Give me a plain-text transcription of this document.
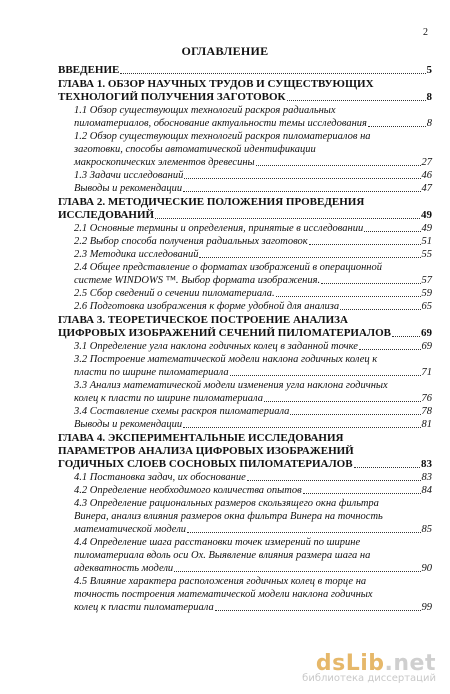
2
ОГЛАВЛЕНИЕ
ВВЕДЕНИЕ	5
ГЛАВА 1. ОБЗОР НАУЧНЫХ ТРУДОВ И СУЩЕСТВУЮЩИХ
ТЕХНОЛОГИЙ ПОЛУЧЕНИЯ ЗАГОТОВОК	8
1.1 Обзор существующих технологий раскроя радиальных
пиломатериалов, обоснование актуальности темы исследования	8
1.2 Обзор существующих технологий раскроя пиломатериалов на
заготовки, способы автоматической идентификации
макроскопических элементов древесины	27
1.3 Задачи исследований	46
Выводы и рекомендации	47
ГЛАВА 2. МЕТОДИЧЕСКИЕ ПОЛОЖЕНИЯ ПРОВЕДЕНИЯ
ИССЛЕДОВАНИЙ	49
2.1 Основные термины и определения, принятые в исследовании	49
2.2 Выбор способа получения радиальных заготовок	51
2.3 Методика исследований	55
2.4 Общее представление о форматах изображений в операционной
системе WINDOWS ™. Выбор формата изображения.	57
2.5 Сбор сведений о сечении пиломатериала.	59
2.6 Подготовка изображения к форме удобной для анализа	65
ГЛАВА 3. ТЕОРЕТИЧЕСКОЕ ПОСТРОЕНИЕ АНАЛИЗА
ЦИФРОВЫХ ИЗОБРАЖЕНИЙ СЕЧЕНИЙ ПИЛОМАТЕРИАЛОВ	69
3.1 Определение угла наклона годичных колец в заданной точке	69
3.2 Построение математической модели наклона годичных колец к
пласти по ширине пиломатериала	71
3.3 Анализ математической модели изменения угла наклона годичных
колец к пласти по ширине пиломатериала	76
3.4 Составление схемы раскроя пиломатериала	78
Выводы и рекомендации	81
ГЛАВА 4. ЭКСПЕРИМЕНТАЛЬНЫЕ ИССЛЕДОВАНИЯ
ПАРАМЕТРОВ АНАЛИЗА ЦИФРОВЫХ ИЗОБРАЖЕНИЙ
ГОДИЧНЫХ СЛОЕВ СОСНОВЫХ ПИЛОМАТЕРИАЛОВ	83
4.1 Постановка задач, их обоснование	83
4.2 Определение необходимого количества опытов	84
4.3 Определение рациональных размеров скользящего окна фильтра
Винера, анализ влияния размеров окна фильтра Винера на точность
математической модели	85
4.4 Определение шага расстановки точек измерений по ширине
пиломатериала вдоль оси Ох. Выявление влияния размера шага на
адекватность модели	90
4.5 Влияние характера расположения годичных колец в торце на
точность построения математической модели наклона годичных
колец к пласти пиломатериала	99
dsLib.net
библиотека диссертаций
